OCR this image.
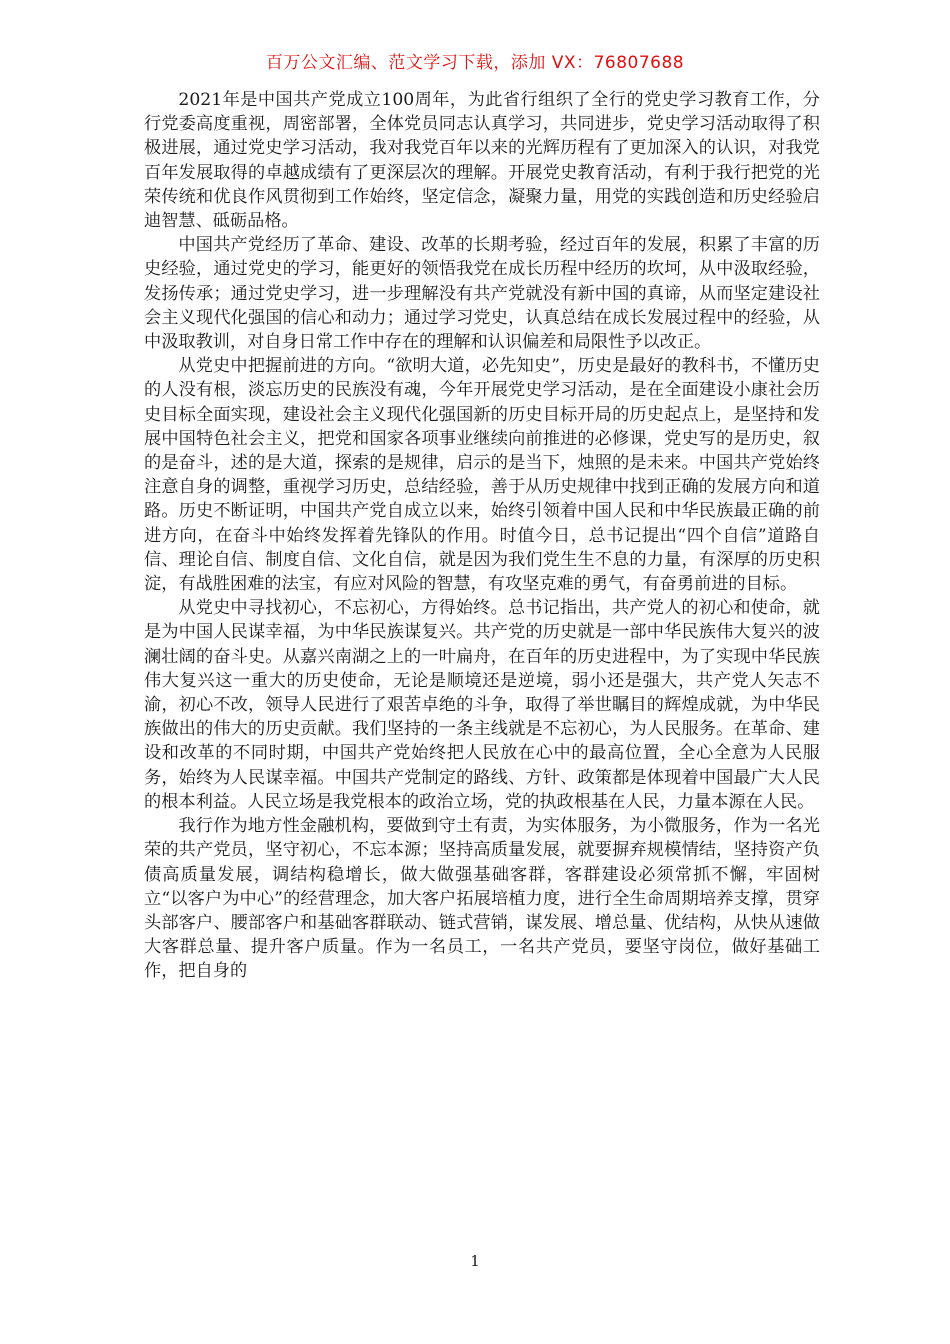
百万公文汇编、范文学习下载，添加 VX：76807688

2021年是中国共产党成立100周年，为此省行组织了全行的党史学习教育工作，分行党委高度重视，周密部署，全体党员同志认真学习，共同进步，党史学习活动取得了积极进展，通过党史学习活动，我对我党百年以来的光辉历程有了更加深入的认识，对我党百年发展取得的卓越成绩有了更深层次的理解。开展党史教育活动，有利于我行把党的光荣传统和优良作风贯彻到工作始终，坚定信念，凝聚力量，用党的实践创造和历史经验启迪智慧、砥砺品格。

中国共产党经历了革命、建设、改革的长期考验，经过百年的发展，积累了丰富的历史经验，通过党史的学习，能更好的领悟我党在成长历程中经历的坎坷，从中汲取经验，发扬传承；通过党史学习，进一步理解没有共产党就没有新中国的真谛，从而坚定建设社会主义现代化强国的信心和动力；通过学习党史，认真总结在成长发展过程中的经验，从中汲取教训，对自身日常工作中存在的理解和认识偏差和局限性予以改正。

从党史中把握前进的方向。“欲明大道，必先知史”，历史是最好的教科书，不懂历史的人没有根，淡忘历史的民族没有魂，今年开展党史学习活动，是在全面建设小康社会历史目标全面实现，建设社会主义现代化强国新的历史目标开局的历史起点上，是坚持和发展中国特色社会主义，把党和国家各项事业继续向前推进的必修课，党史写的是历史，叙的是奋斗，述的是大道，探索的是规律，启示的是当下，烛照的是未来。中国共产党始终注意自身的调整，重视学习历史，总结经验，善于从历史规律中找到正确的发展方向和道路。历史不断证明，中国共产党自成立以来，始终引领着中国人民和中华民族最正确的前进方向，在奋斗中始终发挥着先锋队的作用。时值今日，总书记提出“四个自信”道路自信、理论自信、制度自信、文化自信，就是因为我们党生生不息的力量，有深厚的历史积淀，有战胜困难的法宝，有应对风险的智慧，有攻坚克难的勇气，有奋勇前进的目标。

从党史中寻找初心，不忘初心，方得始终。总书记指出，共产党人的初心和使命，就是为中国人民谋幸福，为中华民族谋复兴。共产党的历史就是一部中华民族伟大复兴的波澜壮阔的奋斗史。从嘉兴南湖之上的一叶扁舟，在百年的历史进程中，为了实现中华民族伟大复兴这一重大的历史使命，无论是顺境还是逆境，弱小还是强大，共产党人矢志不渝，初心不改，领导人民进行了艰苦卓绝的斗争，取得了举世瞩目的辉煌成就，为中华民族做出的伟大的历史贡献。我们坚持的一条主线就是不忘初心，为人民服务。在革命、建设和改革的不同时期，中国共产党始终把人民放在心中的最高位置，全心全意为人民服务，始终为人民谋幸福。中国共产党制定的路线、方针、政策都是体现着中国最广大人民的根本利益。人民立场是我党根本的政治立场，党的执政根基在人民，力量本源在人民。

我行作为地方性金融机构，要做到守土有责，为实体服务，为小微服务，作为一名光荣的共产党员，坚守初心，不忘本源；坚持高质量发展，就要摒弃规模情结，坚持资产负债高质量发展，调结构稳增长，做大做强基础客群，客群建设必须常抓不懈，牢固树立“以客户为中心”的经营理念，加大客户拓展培植力度，进行全生命周期培养支撑，贯穿头部客户、腰部客户和基础客群联动、链式营销，谋发展、增总量、优结构，从快从速做大客群总量、提升客户质量。作为一名员工，一名共产党员，要坚守岗位，做好基础工作，把自身的

1
